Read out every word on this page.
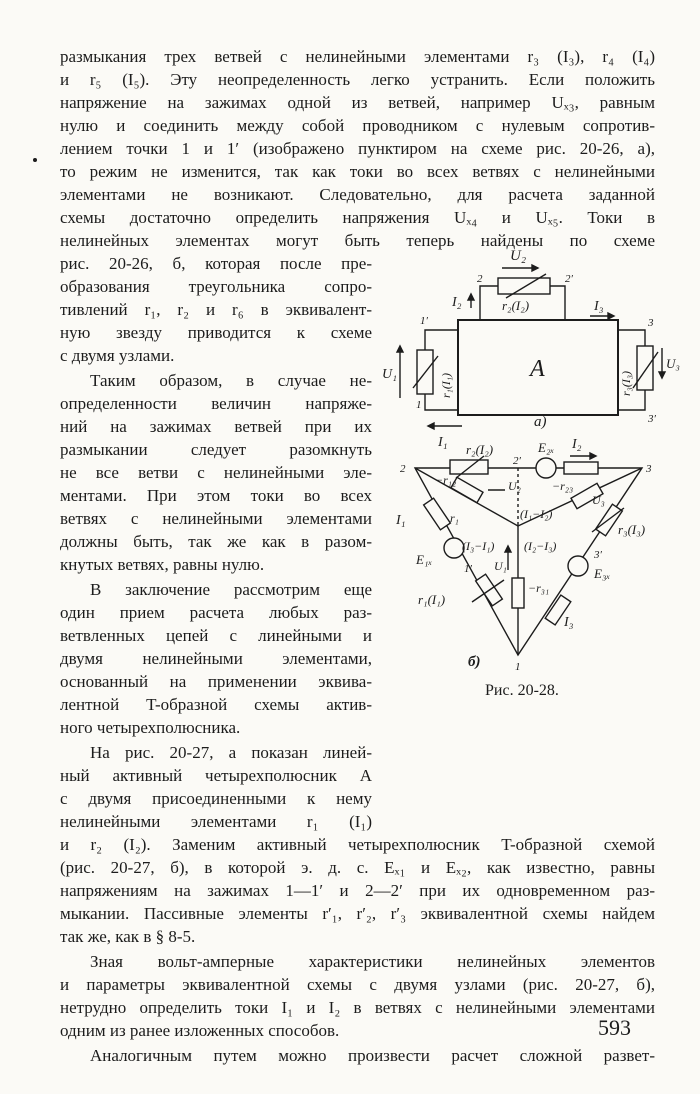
размыкания трех ветвей с нелинейными элементами r₃ (I₃), r₄ (I₄)
и r₅ (I₅). Эту неопределенность легко устранить. Если положить
напряжение на зажимах одной из ветвей, например Uₓ₃, равным
нулю и соединить между собой проводником с нулевым сопротив-
лением точки 1 и 1′ (изображено пунктиром на схеме рис. 20-26, а),
то режим не изменится, так как токи во всех ветвях с нелинейными
элементами не возникают. Следовательно, для расчета заданной
схемы достаточно определить напряжения Uₓ₄ и Uₓ₅. Токи в
нелинейных элементах могут быть теперь найдены по схеме
рис. 20-26, б, которая после пре-
образования треугольника сопро-
тивлений r₁, r₂ и r₆ в эквивалент-
ную звезду приводится к схеме
с двумя узлами.
Таким образом, в случае не-
определенности величин напряже-
ний на зажимах ветвей при их
размыкании следует разомкнуть
не все ветви с нелинейными эле-
ментами. При этом токи во всех
ветвях с нелинейными элементами
должны быть, так же как в разом-
кнутых ветвях, равны нулю.
В заключение рассмотрим еще
один прием расчета любых раз-
ветвленных цепей с линейными и
двумя нелинейными элементами,
основанный на применении эквива-
лентной T-образной схемы актив-
ного четырехполюсника.
На рис. 20-27, а показан линей-
ный активный четырехполюсник A
с двумя присоединенными к нему
нелинейными элементами r₁ (I₁)
и r₂ (I₂). Заменим активный четырехполюсник T-образной схемой
(рис. 20-27, б), в которой э. д. с. Eₓ₁ и Eₓ₂, как известно, равны
напряжениям на зажимах 1—1′ и 2—2′ при их одновременном раз-
мыкании. Пассивные элементы r′₁, r′₂, r′₃ эквивалентной схемы найдем
так же, как в § 8-5.
Зная вольт-амперные характеристики нелинейных элементов
и параметры эквивалентной схемы с двумя узлами (рис. 20-27, б),
нетрудно определить токи I₁ и I₂ в ветвях с нелинейными элементами
одним из ранее изложенных способов.
Аналогичным путем можно произвести расчет сложной развет-
A
U₂
r₂(I₂)
2	2′
I₂
r₁(I₁)
U₁
1′
1
I₁
r₃(I₃)
U₃
I₃
3
3′
а)
r₂(I₂)	E₂ₓ I₂
2
2′
3
−r₁₂	−r₂₃
U₂
U₃
(I₁−I₂)
r₁
I₁
E₁ₓ
(I₃−I₁)
1′
r₁(I₁)
U₁
−r₃₁
(I₂−I₃)
r₃(I₃)
3′
E₃ₓ
I₃
1
б)
Рис. 20-28.
593
